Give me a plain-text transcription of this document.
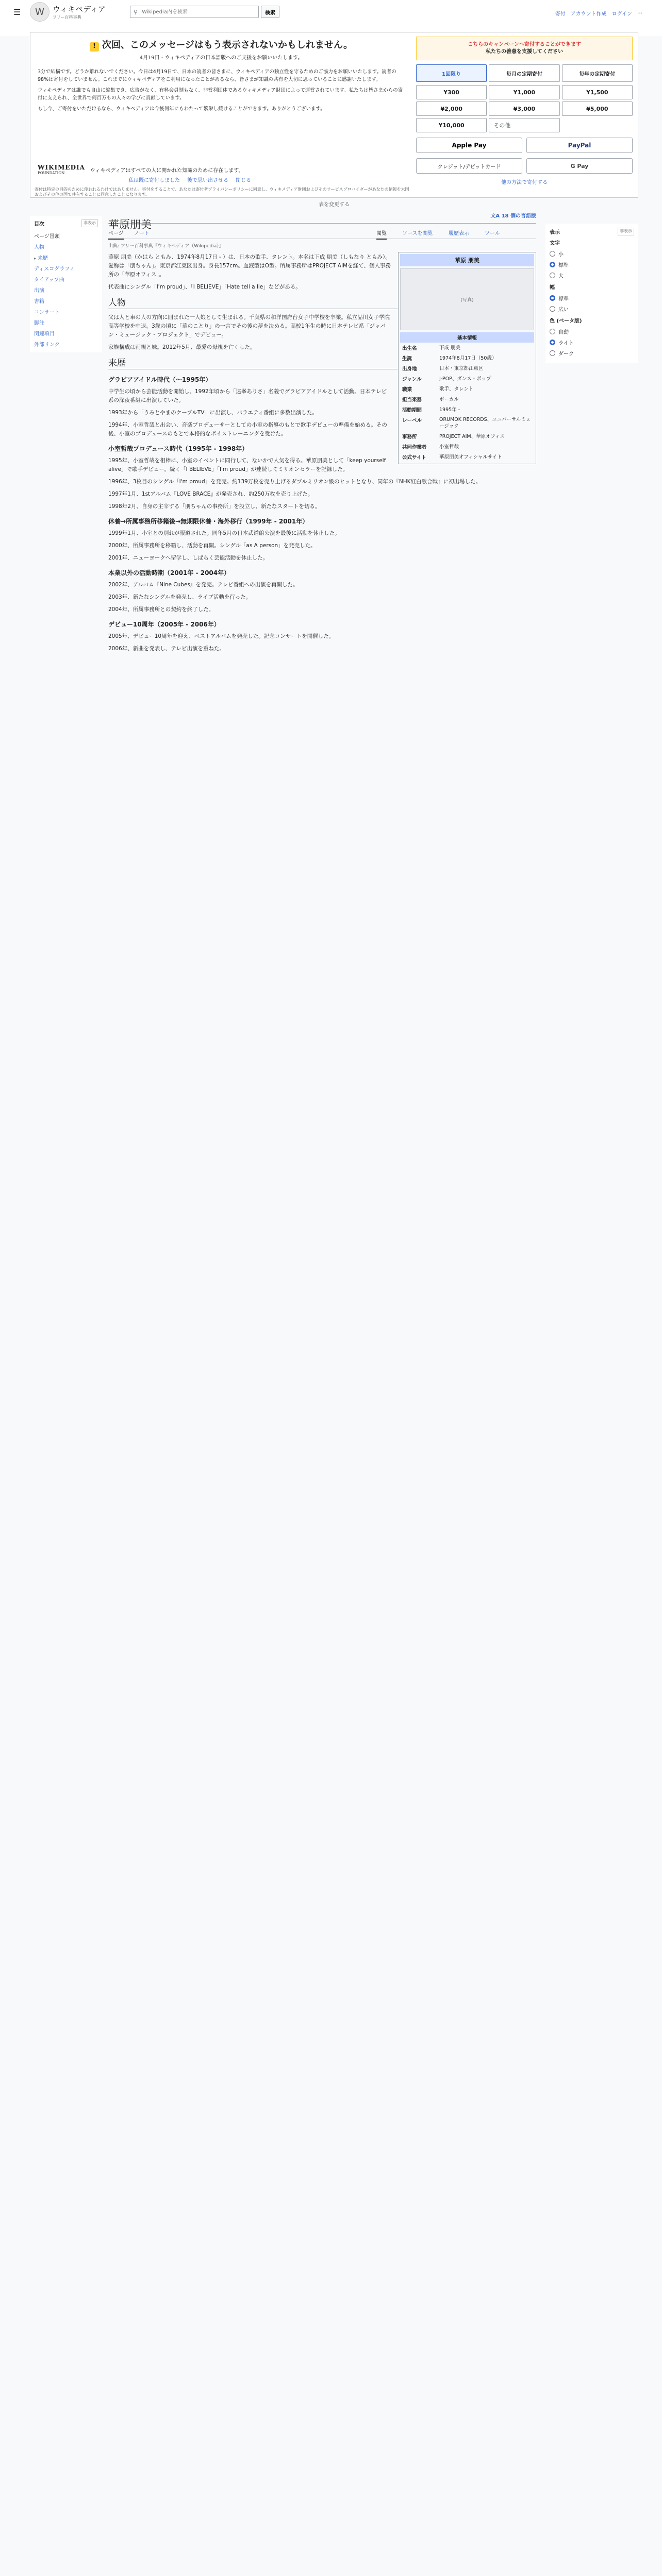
☰	W	ウィキペディア
フリー百科事典
⚲
Wikipedia内を検索	検索	寄付 アカウント作成 ログイン …
! 次回、このメッセージはもう表示されないかもしれません。
4月19日 - ウィキペディアの日本語版へのご支援をお願いいたします。

3分で結構です。どうか離れないでください。今日は4月19日で、日本の読者の皆さまに、ウィキペディアの独立性を守るためのご協力をお願いいたします。読者の98%は寄付をしていません。これまでにウィキペディアをご利用になったことがあるなら、皆さまが知識の共有を大切に思っていることに感謝いたします。

ウィキペディアは誰でも自由に編集でき、広告がなく、有料会員制もなく、非営利団体であるウィキメディア財団によって運営されています。私たちは皆さまからの寄付に支えられ、全世界で何百万もの人々の学びに貢献しています。

もし今、ご寄付をいただけるなら、ウィキペディアは今後何年にもわたって繁栄し続けることができます。ありがとうございます。

WIKIMEDIA
FOUNDATION	ウィキペディアはすべての人に開かれた知識のために存在します。
私は既に寄付しました 後で思い出させる 閉じる
寄付は特定の目的のために使われるわけではありません。寄付をすることで、あなたは寄付者プライバシーポリシーに同意し、ウィキメディア財団およびそのサービスプロバイダーがあなたの情報を米国およびその他の国で共有することに同意したことになります。
こちらのキャンペーンへ寄付することができます
私たちの善意を支援してください
1回限り	毎月の定期寄付	毎年の定期寄付
¥300	¥1,000	¥1,500
¥2,000	¥3,000	¥5,000
¥10,000	その他
Apple Pay	PayPal
クレジット/デビットカード	G Pay
他の方法で寄付する
表を変更する
目次	非表示
ページ冒頭
人物
▸ 来歴
ディスコグラフィ
タイアップ曲
出演
書籍
コンサート
脚注
関連項目
外部リンク
華原朋美
文A 18 個の言語版
ページ ノート	閲覧	ソースを閲覧	履歴表示	ツール
出典: フリー百科事典『ウィキペディア（Wikipedia）』
華原 朋美
(写真)
基本情報
出生名	下成 朋美
生誕	1974年8月17日（50歳）
出身地	日本・東京都江東区
ジャンル	J-POP、ダンス・ポップ
職業	歌手、タレント
担当楽器	ボーカル
活動期間	1995年 -
レーベル	ORUMOK RECORDS、ユニバーサルミュージック
事務所	PROJECT AIM、華原オフィス
共同作業者	小室哲哉
公式サイト	華原朋美オフィシャルサイト

華原 朋美（かはら ともみ、1974年8月17日 - ）は、日本の歌手、タレント。本名は下成 朋美（しもなり ともみ）。愛称は「朋ちゃん」。東京都江東区出身。身長157cm。血液型はO型。所属事務所はPROJECT AIMを経て、個人事務所の「華原オフィス」。

代表曲にシングル「I'm proud」、「I BELIEVE」「Hate tell a lie」などがある。

人物

父は人と車の人の方向に囲まれた一人娘として生まれる。千葉県の和洋国府台女子中学校を卒業。私立品川女子学院高等学校を中退。3歳の頃に「華のことり」の一言でその後の夢を決める。高校1年生の時に日本テレビ系「ジャパン・ミュージック・プロジェクト」でデビュー。

家族構成は両親と妹。2012年5月、最愛の母親を亡くした。

来歴
グラビアアイドル時代（～1995年）

中学生の頃から芸能活動を開始し、1992年頃から「遠峯ありさ」名義でグラビアアイドルとして活動。日本テレビ系の深夜番組に出演していた。

1993年から「うみとやまのケーブルTV」に出演し、バラエティ番組に多数出演した。

1994年、小室哲哉と出会い、音楽プロデューサーとしての小室の指導のもとで歌手デビューの準備を始める。その後、小室のプロデュースのもとで本格的なボイストレーニングを受けた。

小室哲哉プロデュース時代（1995年 - 1998年）

1995年、小室哲哉を相棒に、小室のイベントに同行して、ないかで人気を得る。華原朋美として「keep yourself alive」で歌手デビュー。続く「I BELIEVE」「I'm proud」が連続してミリオンセラーを記録した。

1996年、3枚目のシングル「I'm proud」を発売。約139万枚を売り上げるダブルミリオン級のヒットとなり、同年の『NHK紅白歌合戦』に初出場した。

1997年1月、1stアルバム『LOVE BRACE』が発売され、約250万枚を売り上げた。

1998年2月、自身の主宰する「朋ちゃんの事務所」を設立し、新たなスタートを切る。

休養→所属事務所移籍後→無期限休養・海外移行（1999年 - 2001年）

1999年1月、小室との別れが報道された。同年5月の日本武道館公演を最後に活動を休止した。

2000年、所属事務所を移籍し、活動を再開。シングル「as A person」を発売した。

2001年、ニューヨークへ留学し、しばらく芸能活動を休止した。

本業以外の活動時期（2001年 - 2004年）

2002年、アルバム『Nine Cubes』を発売。テレビ番組への出演を再開した。

2003年、新たなシングルを発売し、ライブ活動を行った。

2004年、所属事務所との契約を終了した。

デビュー10周年（2005年 - 2006年）

2005年、デビュー10周年を迎え、ベストアルバムを発売した。記念コンサートを開催した。

2006年、新曲を発表し、テレビ出演を重ねた。

表示	非表示
文字
小
標準
大
幅
標準
広い
色 (ベータ版)
自動
ライト
ダーク
